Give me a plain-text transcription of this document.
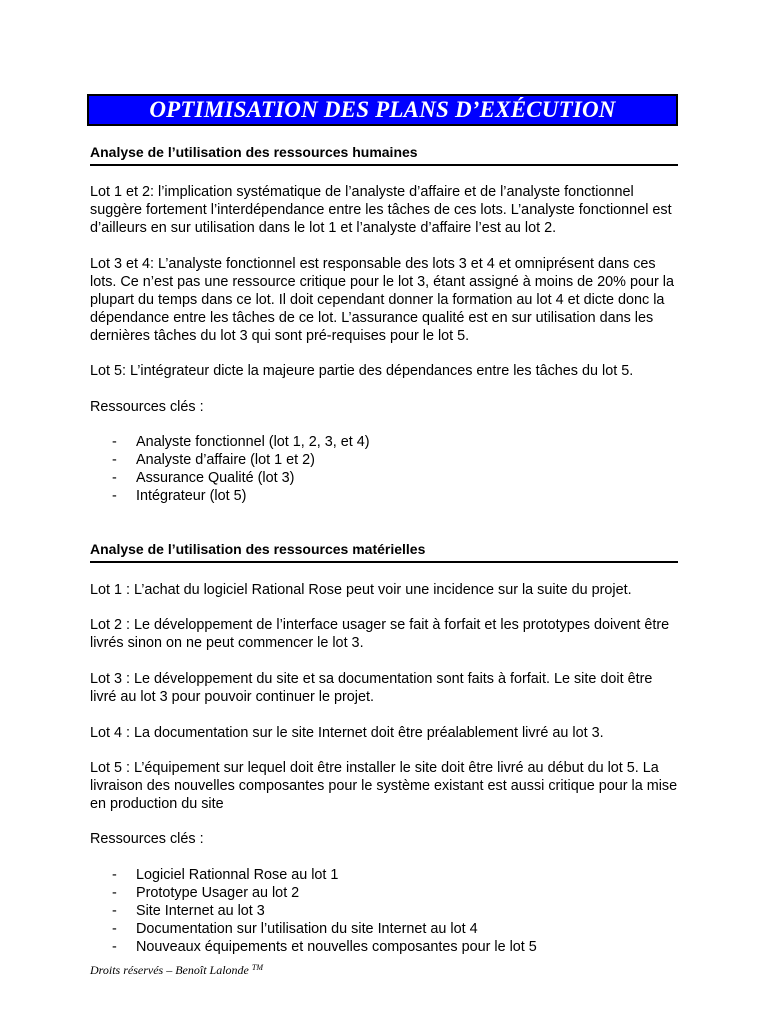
OPTIMISATION DES PLANS D’EXÉCUTION
Analyse de l’utilisation des ressources humaines

Lot 1 et 2: l’implication systématique de l’analyste d’affaire et de l’analyste fonctionnel suggère fortement l’interdépendance entre les tâches de ces lots. L’analyste fonctionnel est d’ailleurs en sur utilisation dans le lot 1 et l’analyste d’affaire l’est au lot 2.

Lot 3 et 4: L’analyste fonctionnel est responsable des lots 3 et 4 et omniprésent dans ces lots. Ce n’est pas une ressource critique pour le lot 3, étant assigné à moins de 20% pour la plupart du temps dans ce lot. Il doit cependant donner la formation au lot 4 et dicte donc la dépendance entre les tâches de ce lot. L’assurance qualité est en sur utilisation dans les dernières tâches du lot 3 qui sont pré-requises pour le lot 5.

Lot 5: L’intégrateur dicte la majeure partie des dépendances entre les tâches du lot 5.

Ressources clés :

- Analyste fonctionnel (lot 1, 2, 3, et 4)
- Analyste d’affaire (lot 1 et 2)
- Assurance Qualité (lot 3)
- Intégrateur (lot 5)
Analyse de l’utilisation des ressources matérielles

Lot 1 : L’achat du logiciel Rational Rose peut voir une incidence sur la suite du projet.

Lot 2 : Le développement de l’interface usager se fait à forfait et les prototypes doivent être livrés sinon on ne peut commencer le lot 3.

Lot 3 : Le développement du site et sa documentation sont faits à forfait. Le site doit être livré au lot 3 pour pouvoir continuer le projet.

Lot 4 : La documentation sur le site Internet doit être préalablement livré au lot 3.

Lot 5 : L’équipement sur lequel doit être installer le site doit être livré au début du lot 5. La livraison des nouvelles composantes pour le système existant est aussi critique pour la mise en production du site

Ressources clés :

- Logiciel Rationnal Rose au lot 1
- Prototype Usager au lot 2
- Site Internet au lot 3
- Documentation sur l’utilisation du site Internet au lot 4
- Nouveaux équipements et nouvelles composantes pour le lot 5
Droits réservés – Benoît Lalonde ™
